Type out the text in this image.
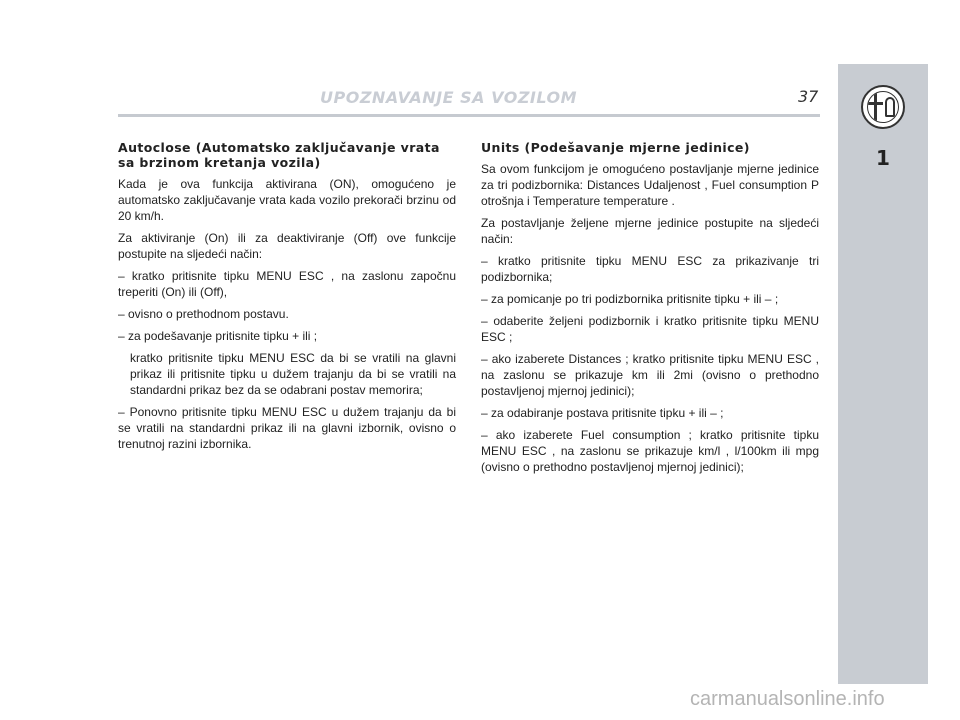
UPOZNAVANJE SA VOZILOM	37
1
Autoclose (Automatsko zaključavanje vrata sa brzinom kretanja vozila)

Kada je ova funkcija aktivirana (ON), omogućeno je automatsko zaključavanje vrata kada vozilo prekorači brzinu od 20 km/h.

Za aktiviranje (On) ili za deaktiviranje (Off) ove funkcije postupite na sljedeći način:

– kratko pritisnite tipku MENU ESC , na zaslonu započnu treperiti (On) ili (Off),

– ovisno o prethodnom postavu.

– za podešavanje pritisnite tipku + ili ;

kratko pritisnite tipku MENU ESC da bi se vratili na glavni prikaz ili pritisnite tipku u dužem trajanju da bi se vratili na standardni prikaz bez da se odabrani postav memorira;

– Ponovno pritisnite tipku MENU ESC u dužem trajanju da bi se vratili na standardni prikaz ili na glavni izbornik, ovisno o trenutnoj razini izbornika.

Units (Podešavanje mjerne jedinice)

Sa ovom funkcijom je omogućeno postavljanje mjerne jedinice za tri podizbornika: Distances Udaljenost , Fuel consumption P otrošnja i Temperature temperature .

Za postavljanje željene mjerne jedinice postupite na sljedeći način:

– kratko pritisnite tipku MENU ESC za prikazivanje tri podizbornika;

– za pomicanje po tri podizbornika pritisnite tipku + ili – ;

– odaberite željeni podizbornik i kratko pritisnite tipku MENU ESC ;

– ako izaberete Distances ; kratko pritisnite tipku MENU ESC , na zaslonu se prikazuje km ili 2mi (ovisno o prethodno postavljenoj mjernoj jedinici);

– za odabiranje postava pritisnite tipku + ili – ;

– ako izaberete Fuel consumption ; kratko pritisnite tipku MENU ESC , na zaslonu se prikazuje km/l , l/100km ili mpg (ovisno o prethodno postavljenoj mjernoj jedinici);

carmanualsonline.info
